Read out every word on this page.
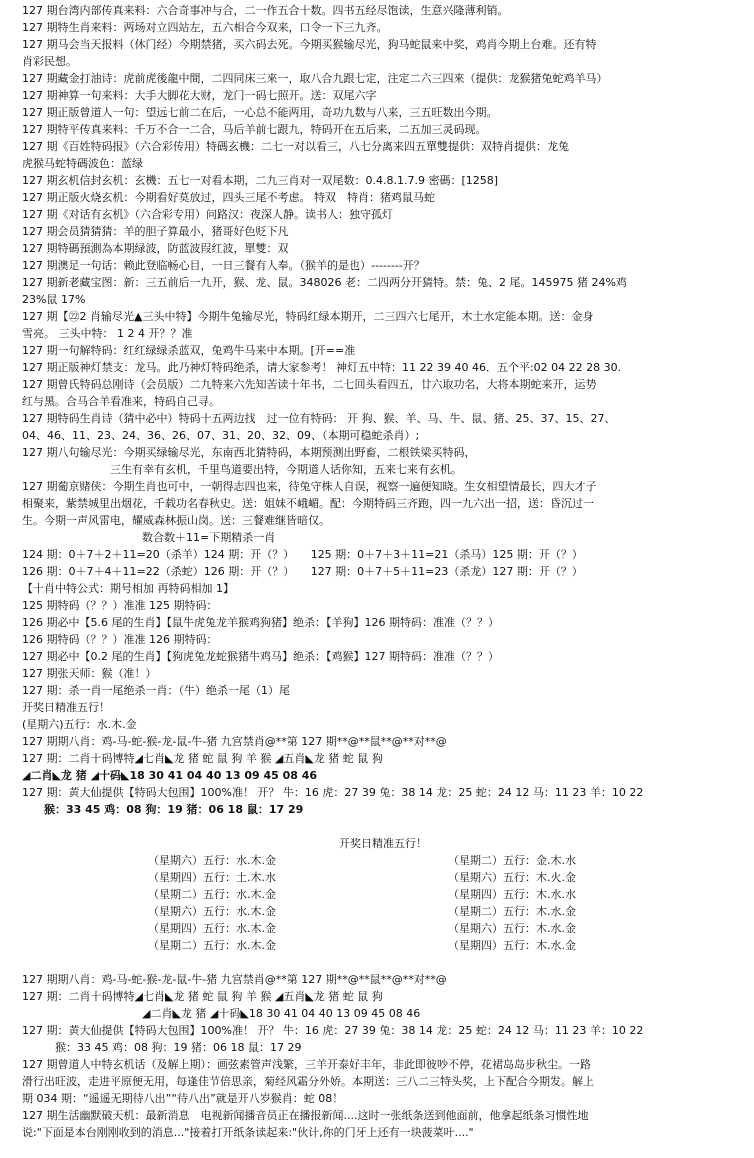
127 期台湾内部传真来料：六合奇事冲与合，二一作五合十数。四书五经尽饱读，生意兴隆薄利销。
127 期特生肖来料：两场对立四站左，五六相合今双来，口令一下三九齐。
127 期马会当天报料（休门经）今期禁猪，买六码去死。今期买猴输尽光，狗马蛇鼠来中奖，鸡肖今期上台难。还有特
肖彩民想。
127 期藏金打油诗：虎前虎後龍中間，二四同床三來一，取八合九跟七定，注定二六三四來（提供：龙猴猪兔蛇鸡羊马）
127 期神算一句来料：大手大脚花大财，龙门一码七照开。送：双尾六字
127 期正版曾道人一句：望远七前二在后，一心总不能两用，奇功九数与八来，三五旺数出今期。
127 期特平传真来料：千万不合一二合，马后羊前七跟九，特码开在五后来，二五加三灵码现。
127 期《百姓特码报》（六合彩传用）特碼玄機：二七一对以看三，八七分离来四五單雙提供：双特肖提供：龙兔
虎猴马蛇特碼波色：蓝绿
127 期玄机信封玄机：玄機：五七一对看本期，二九三肖对一双尾数：0.4.8.1.7.9 密碼：[1258]
127 期正版火烧玄机：今期看好莫放过，四头三尾不考虑。 特双　特肖：猪鸡鼠马蛇
127 期《对话有玄机》（六合彩专用）问路汉：夜深人静。读书人：独守孤灯
127 期会员猜猜猜：羊的胆子算最小，猪哥好色贬下凡
127 期特碼預測為本期绿波，防蓝波叚红波，單雙：双
127 期澳足一句话：赖此登临畅心目，一日三餐有人奉。（猴羊的是也）--------开？
127 期新老藏宝图：新：三五前后一九开，猴、龙、鼠。348026 老：二四两分开猜特。禁：兔、2 尾。145975 猪 24%鸡
23%鼠 17%
127 期【㉒2 肖输尽光▲三头中特】今期牛兔输尽光，特码红绿本期开，二三四六七尾开，木土水定能本期。送：金身
雪亮。 三头中特： 1 2 4 开？？准
127 期一句解特码：红红绿绿杀蓝双，兔鸡牛马来中本期。[开==准
127 期正版神灯禁支：龙马。此乃神灯特码绝杀，请大家参考！ 神灯五中特：11 22 39 40 46．五个平:02 04 22 28 30.
127 期曾氏特码总刚诗（会员版）二九特来六先知苦读十年书，二七回头看四五，廿六取功名，大将本期蛇来开，运势
红与黑。合马合羊看准来，特码自己寻。
127 期特码生肖诗（猜中必中）特码十五两边找　过一位有特码： 开 狗、猴、羊、马、牛、鼠、猪、25、37、15、27、
04、46、11、23、24、36、26、07、31、20、32、09、（本期可稳蛇杀肖）;
127 期八句输尽光：今期买绿输尽光，东南西北猜特码，本期预测出野畜，二根铁梁买特码，
　　　　　　　　三生有幸有玄机，千里鸟道要出特，今期道人话你知，五来七来有玄机。
127 期葡京赌侠：今期生肖也可中，一朝得志四也来，待兔守株人自误，视察一遍便知晓。生女相望情最长，四大才子
相聚来，紫禁城里出烟花，千载功名春秋史。送：姐妹不峨嵋。配：今期特码三齐跑，四一九六出一招，送：昏沉过一
生。今期一声风雷电，耀威森林振山岗。送：三餐难继皆暗仅。
数合数＋11=下期精杀一肖
124 期：0＋7＋2＋11=20（杀羊）124 期：开（？）　　125 期：0＋7＋3＋11=21（杀马）125 期：开（？）
126 期：0＋7＋4＋11=22（杀蛇）126 期：开（？）　　127 期：0＋7＋5＋11=23（杀龙）127 期：开（？）
【十肖中特公式：期号相加 再特码相加 1】
125 期特码（？？）准准 125 期特码：
126 期必中【5.6 尾的生肖】【鼠牛虎兔龙羊猴鸡狗猪】绝杀：【羊狗】126 期特码：准准（？？）
126 期特码（？？）准准 126 期特码：
127 期必中【0.2 尾的生肖】【狗虎兔龙蛇猴猪牛鸡马】绝杀：【鸡猴】127 期特码：准准（？？）
127 期张天师：猴（准！）
127 期：杀一肖一尾绝杀一肖：（牛）绝杀一尾（1）尾
开奖日精准五行！
(星期六)五行：水.木.金
127 期期八肖：鸡-马-蛇-猴-龙-鼠-牛-猪 九宫禁肖@**第 127 期**@**鼠**@**对**@
127 期：二肖十码博特◢七肖◣龙 猪 蛇 鼠 狗 羊 猴 ◢五肖◣龙 猪 蛇 鼠 狗
◢二肖◣龙 猪 ◢十码◣18 30 41 04 40 13 09 45 08 46
127 期：黄大仙提供【特码大包围】100%准！ 开？ 牛：16 虎：27 39 兔：38 14 龙：25 蛇：24 12 马：11 23 羊：10 22
　　猴：33 45 鸡：08 狗：19 猪：06 18 鼠：17 29
开奖日精准五行！
（星期六）五行：水.木.金	（星期二）五行：金.木.水
（星期四）五行：土.木.水	（星期六）五行：木.火.金
（星期二）五行：水.木.金	（星期四）五行：木.水.水
（星期六）五行：水.木.金	（星期二）五行：木.水.金
（星期四）五行：水.木.金	（星期六）五行：木.水.金
（星期二）五行：水.木.金	（星期四）五行：木.水.金
127 期期八肖：鸡-马-蛇-猴-龙-鼠-牛-猪 九宫禁肖@**第 127 期**@**鼠**@**对**@
127 期：二肖十码博特◢七肖◣龙 猪 蛇 鼠 狗 羊 猴 ◢五肖◣龙 猪 蛇 鼠 狗
◢二肖◣龙 猪 ◢十码◣18 30 41 04 40 13 09 45 08 46
127 期：黄大仙提供【特码大包围】100%准！ 开？ 牛：16 虎：27 39 兔：38 14 龙：25 蛇：24 12 马：11 23 羊：10 22
　　　猴：33 45 鸡：08 狗：19 猪：06 18 鼠：17 29
127 期曾道人中特玄机话（及解上期）：画弦素管声浅繁，三羊开泰好丰年，非此即彼吵不停，花裙岛岛步秋尘。一路
滑行出旺波，走进平原便无用，每逢佳节倍思亲，菊经风霜分外娇。本期送：三八二三特头奖，上下配合今期发。解上
期 034 期：“遥遥无期待八出”“待八出”就是开八岁猴肖：蛇 08！
127 期生活幽默破天机：最新消息　电视新闻播音员正在播报新闻....这时一张纸条送到他面前，他拿起纸条习惯性地
说:"下面是本台刚刚收到的消息..."接着打开纸条读起来:"伙计,你的门牙上还有一块菠菜叶...."
